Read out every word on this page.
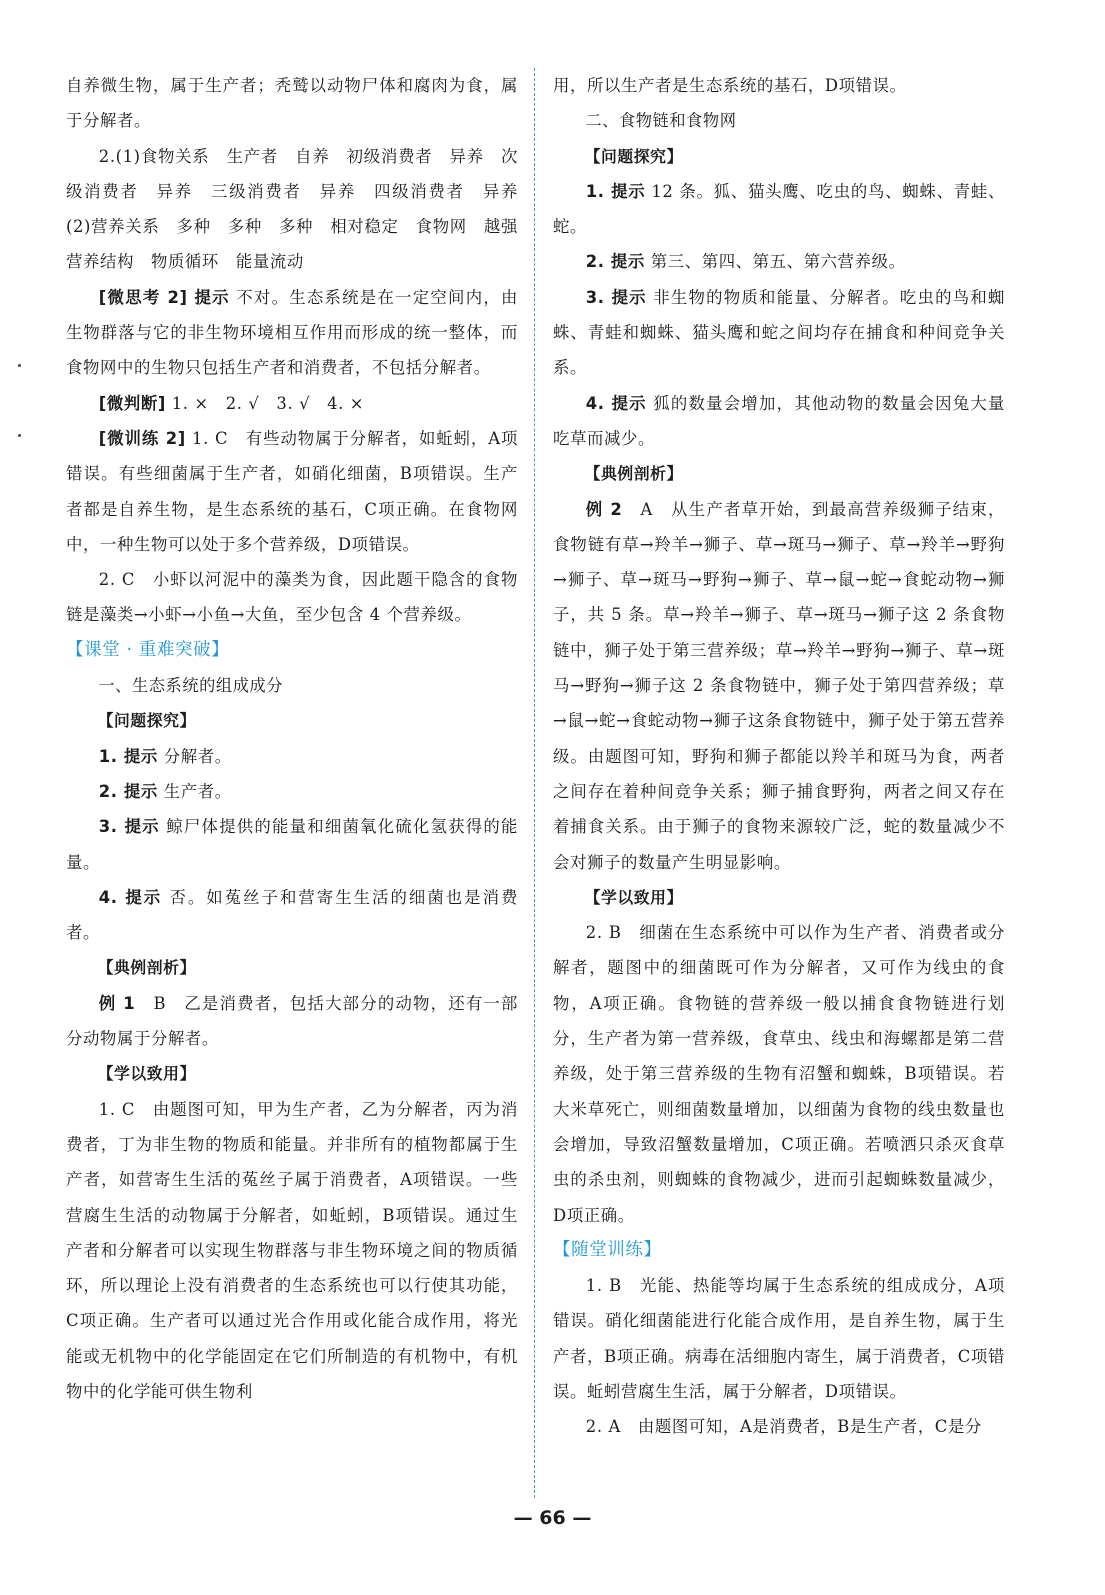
自养微生物，属于生产者；秃鹫以动物尸体和腐肉为食，属于分解者。

2.(1)食物关系　生产者　自养　初级消费者　异养　次级消费者　异养　三级消费者　异养　四级消费者　异养　(2)营养关系　多种　多种　多种　相对稳定　食物网　越强　营养结构　物质循环　能量流动

[微思考 2] 提示 不对。生态系统是在一定空间内，由生物群落与它的非生物环境相互作用而形成的统一整体，而食物网中的生物只包括生产者和消费者，不包括分解者。

[微判断] 1. ×　2. √　3. √　4. ×

[微训练 2] 1. C　有些动物属于分解者，如蚯蚓，A项错误。有些细菌属于生产者，如硝化细菌，B项错误。生产者都是自养生物，是生态系统的基石，C项正确。在食物网中，一种生物可以处于多个营养级，D项错误。

2. C　小虾以河泥中的藻类为食，因此题干隐含的食物链是藻类→小虾→小鱼→大鱼，至少包含 4 个营养级。

【课堂 · 重难突破】

一、生态系统的组成成分

【问题探究】

1. 提示 分解者。

2. 提示 生产者。

3. 提示 鲸尸体提供的能量和细菌氧化硫化氢获得的能量。

4. 提示 否。如菟丝子和营寄生生活的细菌也是消费者。

【典例剖析】

例 1　B　乙是消费者，包括大部分的动物，还有一部分动物属于分解者。

【学以致用】

1. C　由题图可知，甲为生产者，乙为分解者，丙为消费者，丁为非生物的物质和能量。并非所有的植物都属于生产者，如营寄生生活的菟丝子属于消费者，A项错误。一些营腐生生活的动物属于分解者，如蚯蚓，B项错误。通过生产者和分解者可以实现生物群落与非生物环境之间的物质循环，所以理论上没有消费者的生态系统也可以行使其功能，C项正确。生产者可以通过光合作用或化能合成作用，将光能或无机物中的化学能固定在它们所制造的有机物中，有机物中的化学能可供生物利

用，所以生产者是生态系统的基石，D项错误。

二、食物链和食物网

【问题探究】

1. 提示 12 条。狐、猫头鹰、吃虫的鸟、蜘蛛、青蛙、蛇。

2. 提示 第三、第四、第五、第六营养级。

3. 提示 非生物的物质和能量、分解者。吃虫的鸟和蜘蛛、青蛙和蜘蛛、猫头鹰和蛇之间均存在捕食和种间竞争关系。

4. 提示 狐的数量会增加，其他动物的数量会因兔大量吃草而减少。

【典例剖析】

例 2　A　从生产者草开始，到最高营养级狮子结束，食物链有草→羚羊→狮子、草→斑马→狮子、草→羚羊→野狗→狮子、草→斑马→野狗→狮子、草→鼠→蛇→食蛇动物→狮子，共 5 条。草→羚羊→狮子、草→斑马→狮子这 2 条食物链中，狮子处于第三营养级；草→羚羊→野狗→狮子、草→斑马→野狗→狮子这 2 条食物链中，狮子处于第四营养级；草→鼠→蛇→食蛇动物→狮子这条食物链中，狮子处于第五营养级。由题图可知，野狗和狮子都能以羚羊和斑马为食，两者之间存在着种间竞争关系；狮子捕食野狗，两者之间又存在着捕食关系。由于狮子的食物来源较广泛，蛇的数量减少不会对狮子的数量产生明显影响。

【学以致用】

2. B　细菌在生态系统中可以作为生产者、消费者或分解者，题图中的细菌既可作为分解者，又可作为线虫的食物，A项正确。食物链的营养级一般以捕食食物链进行划分，生产者为第一营养级，食草虫、线虫和海螺都是第二营养级，处于第三营养级的生物有沼蟹和蜘蛛，B项错误。若大米草死亡，则细菌数量增加，以细菌为食物的线虫数量也会增加，导致沼蟹数量增加，C项正确。若喷洒只杀灭食草虫的杀虫剂，则蜘蛛的食物减少，进而引起蜘蛛数量减少，D项正确。

【随堂训练】

1. B　光能、热能等均属于生态系统的组成成分，A项错误。硝化细菌能进行化能合成作用，是自养生物，属于生产者，B项正确。病毒在活细胞内寄生，属于消费者，C项错误。蚯蚓营腐生生活，属于分解者，D项错误。

2. A　由题图可知，A是消费者，B是生产者，C是分

— 66 —
